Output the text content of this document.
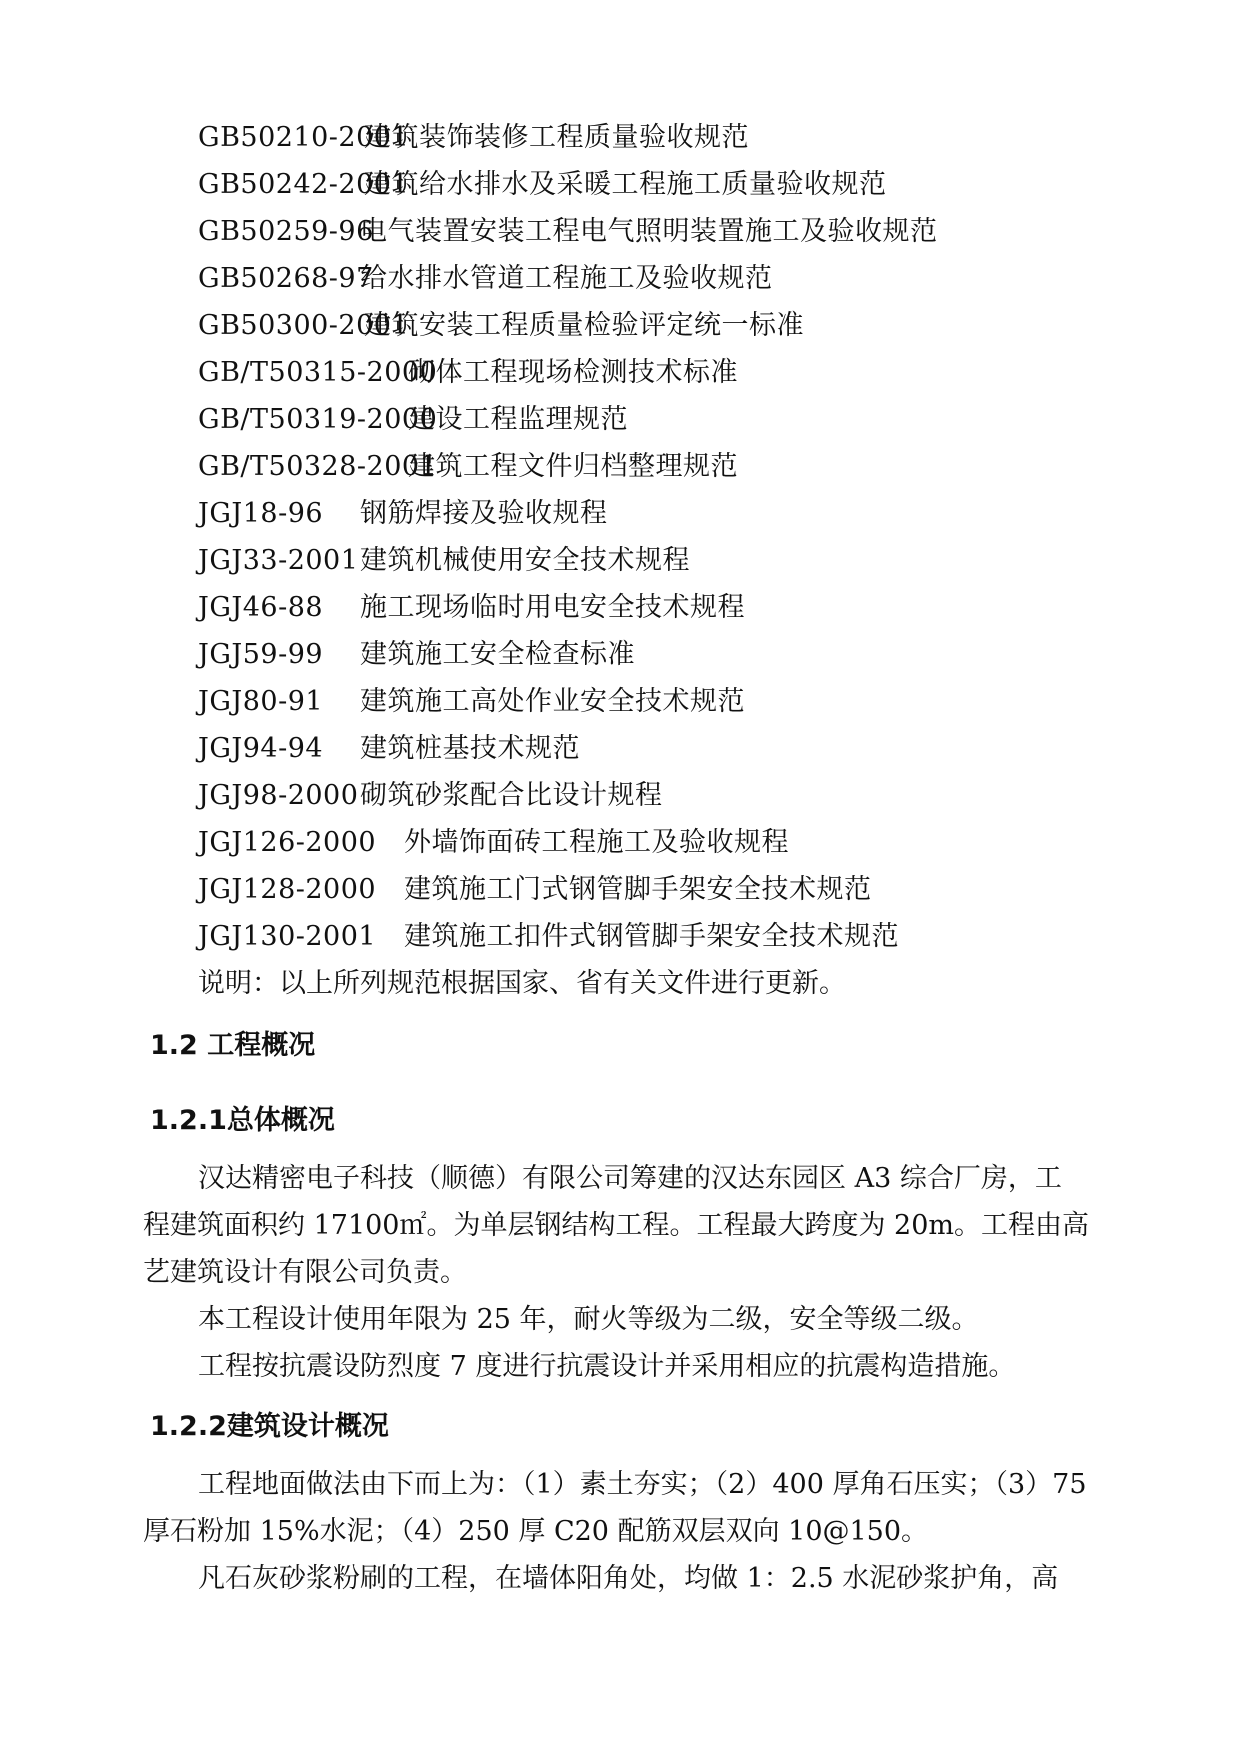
GB50210-2001
建筑装饰装修工程质量验收规范
GB50242-2001
建筑给水排水及采暖工程施工质量验收规范
GB50259-96
电气装置安装工程电气照明装置施工及验收规范
GB50268-97
给水排水管道工程施工及验收规范
GB50300-2001
建筑安装工程质量检验评定统一标准
GB/T50315-2000
砌体工程现场检测技术标准
GB/T50319-2000
建设工程监理规范
GB/T50328-2001
建筑工程文件归档整理规范
JGJ18-96 钢筋焊接及验收规程
JGJ33-2001 建筑机械使用安全技术规程
JGJ46-88 施工现场临时用电安全技术规程
JGJ59-99 建筑施工安全检查标准
JGJ80-91 建筑施工高处作业安全技术规范
JGJ94-94 建筑桩基技术规范
JGJ98-2000 砌筑砂浆配合比设计规程
JGJ126-2000 外墙饰面砖工程施工及验收规程
JGJ128-2000 建筑施工门式钢管脚手架安全技术规范
JGJ130-2001 建筑施工扣件式钢管脚手架安全技术规范
说明：以上所列规范根据国家、省有关文件进行更新。
1.2 工程概况
1.2.1总体概况
汉达精密电子科技（顺德）有限公司筹建的汉达东园区 A3 综合厂房，工
程建筑面积约 17100㎡。为单层钢结构工程。工程最大跨度为 20m。工程由高
艺建筑设计有限公司负责。
本工程设计使用年限为 25 年，耐火等级为二级，安全等级二级。
工程按抗震设防烈度 7 度进行抗震设计并采用相应的抗震构造措施。
1.2.2建筑设计概况
工程地面做法由下而上为：（1）素土夯实；（2）400 厚角石压实；（3）75
厚石粉加 15%水泥；（4）250 厚 C20 配筋双层双向 10@150。
凡石灰砂浆粉刷的工程，在墙体阳角处，均做 1：2.5 水泥砂浆护角，高
